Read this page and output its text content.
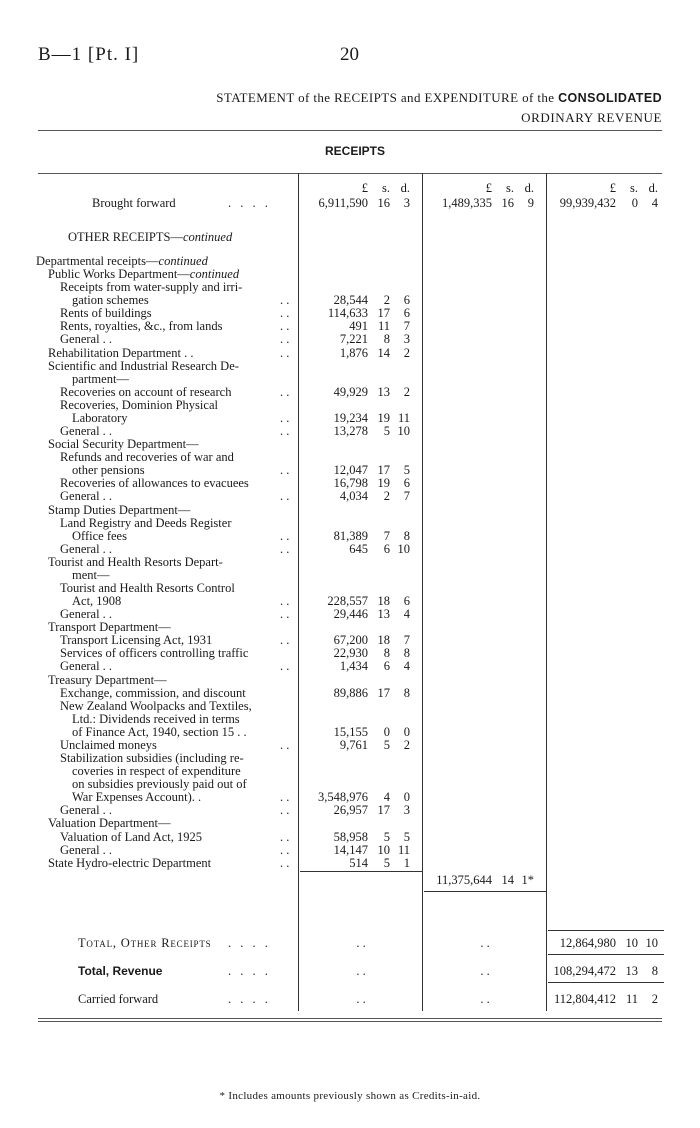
B—1 [Pt. I]	20
STATEMENT of the RECEIPTS and EXPENDITURE of the CONSOLIDATED
ORDINARY REVENUE
RECEIPTS
£	s. d.	£	s. d.	£	s. d.
Brought forward	. . . .	6,911,590 16	3	1,489,335 16	9	99,939,432	0	4
OTHER RECEIPTS—continued
Departmental receipts—continued
Public Works Department—continued
Receipts from water-supply and irri-
gation schemes	. .	28,544	2	6
Rents of buildings	. .	114,633 17	6
Rents, royalties, &c., from lands	. .	491 11	7
General . .	. .	7,221	8	3
Rehabilitation Department . .	. .	1,876 14	2
Scientific and Industrial Research De-
partment—
Recoveries on account of research	. .	49,929 13	2
Recoveries, Dominion Physical
Laboratory	. .	19,234 19 11
General . .	. .	13,278	5 10
Social Security Department—
Refunds and recoveries of war and
other pensions	. .	12,047 17	5
Recoveries of allowances to evacuees	16,798 19	6
General . .	. .	4,034	2	7
Stamp Duties Department—
Land Registry and Deeds Register
Office fees	. .	81,389	7	8
General . .	. .	645	6 10
Tourist and Health Resorts Depart-
ment—
Tourist and Health Resorts Control
Act, 1908	. .	228,557 18	6
General . .	. .	29,446 13	4
Transport Department—
Transport Licensing Act, 1931	. .	67,200 18	7
Services of officers controlling traffic	22,930	8	8
General . .	. .	1,434	6	4
Treasury Department—
Exchange, commission, and discount	89,886 17	8
New Zealand Woolpacks and Textiles,
Ltd.: Dividends received in terms
of Finance Act, 1940, section 15 . .	15,155	0	0
Unclaimed moneys	. .	9,761	5	2
Stabilization subsidies (including re-
coveries in respect of expenditure
on subsidies previously paid out of
War Expenses Account). .	. .	3,548,976	4	0
General . .	. .	26,957 17	3
Valuation Department—
Valuation of Land Act, 1925	. .	58,958	5	5
General . .	. .	14,147 10 11
State Hydro-electric Department	. .	514	5	1
11,375,644 14 1*
Total, Other Receipts . . . .	. .	. .	12,864,980 10 10
Total, Revenue	. . . .	. .	. .	108,294,472 13	8
Carried forward	. . . .	. .	. .	112,804,412 11	2
* Includes amounts previously shown as Credits-in-aid.
